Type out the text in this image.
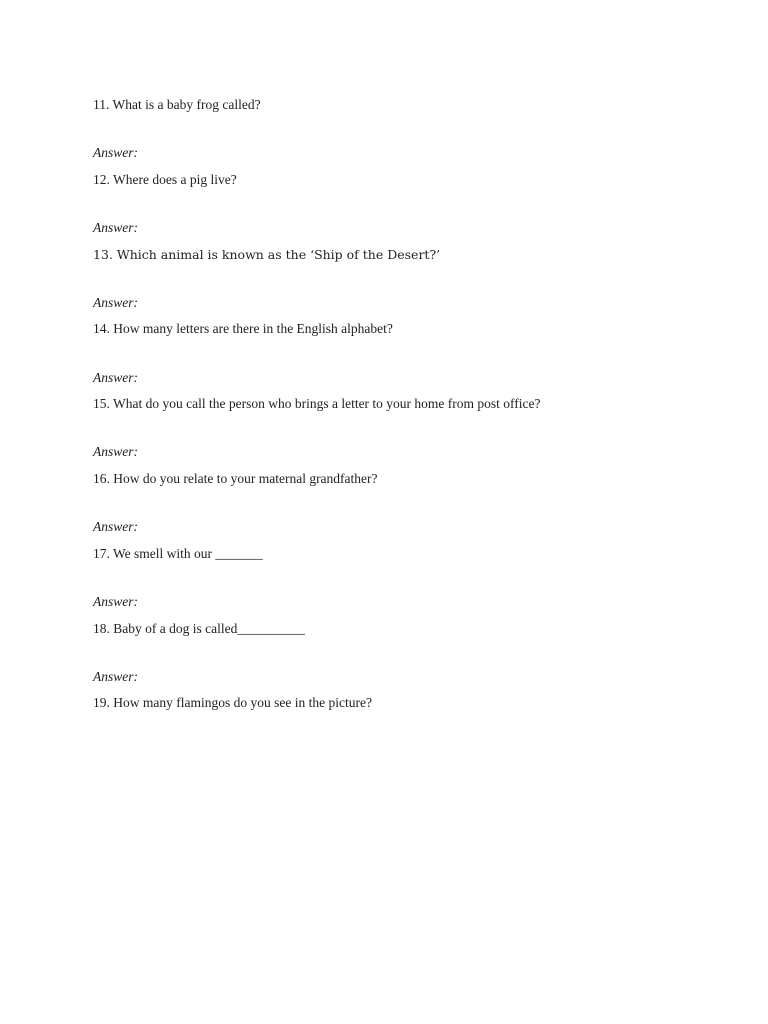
11. What is a baby frog called?
Answer:
12. Where does a pig live?
Answer:
13. Which animal is known as the ‘Ship of the Desert?’
Answer:
14. How many letters are there in the English alphabet?
Answer:
15. What do you call the person who brings a letter to your home from post office?
Answer:
16. How do you relate to your maternal grandfather?
Answer:
17. We smell with our _______
Answer:
18. Baby of a dog is called__________
Answer:
19. How many flamingos do you see in the picture?
